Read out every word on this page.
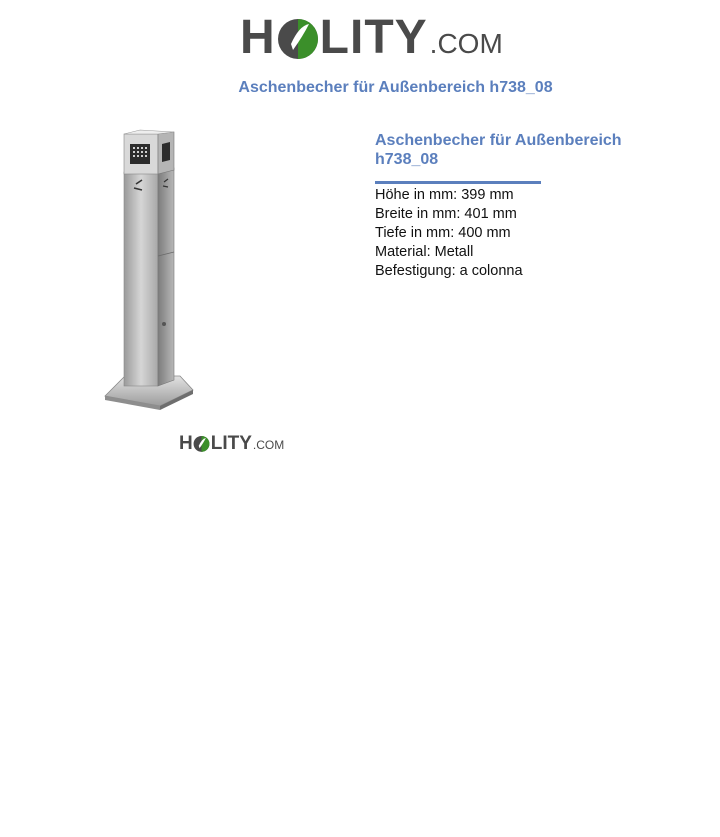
H LITY .COM
Aschenbecher für Außenbereich h738_08
H LITY .COM

Aschenbecher für Außenbereich
h738_08

Höhe in mm: 399 mm

Breite in mm: 401 mm

Tiefe in mm: 400 mm

Material: Metall

Befestigung: a colonna
